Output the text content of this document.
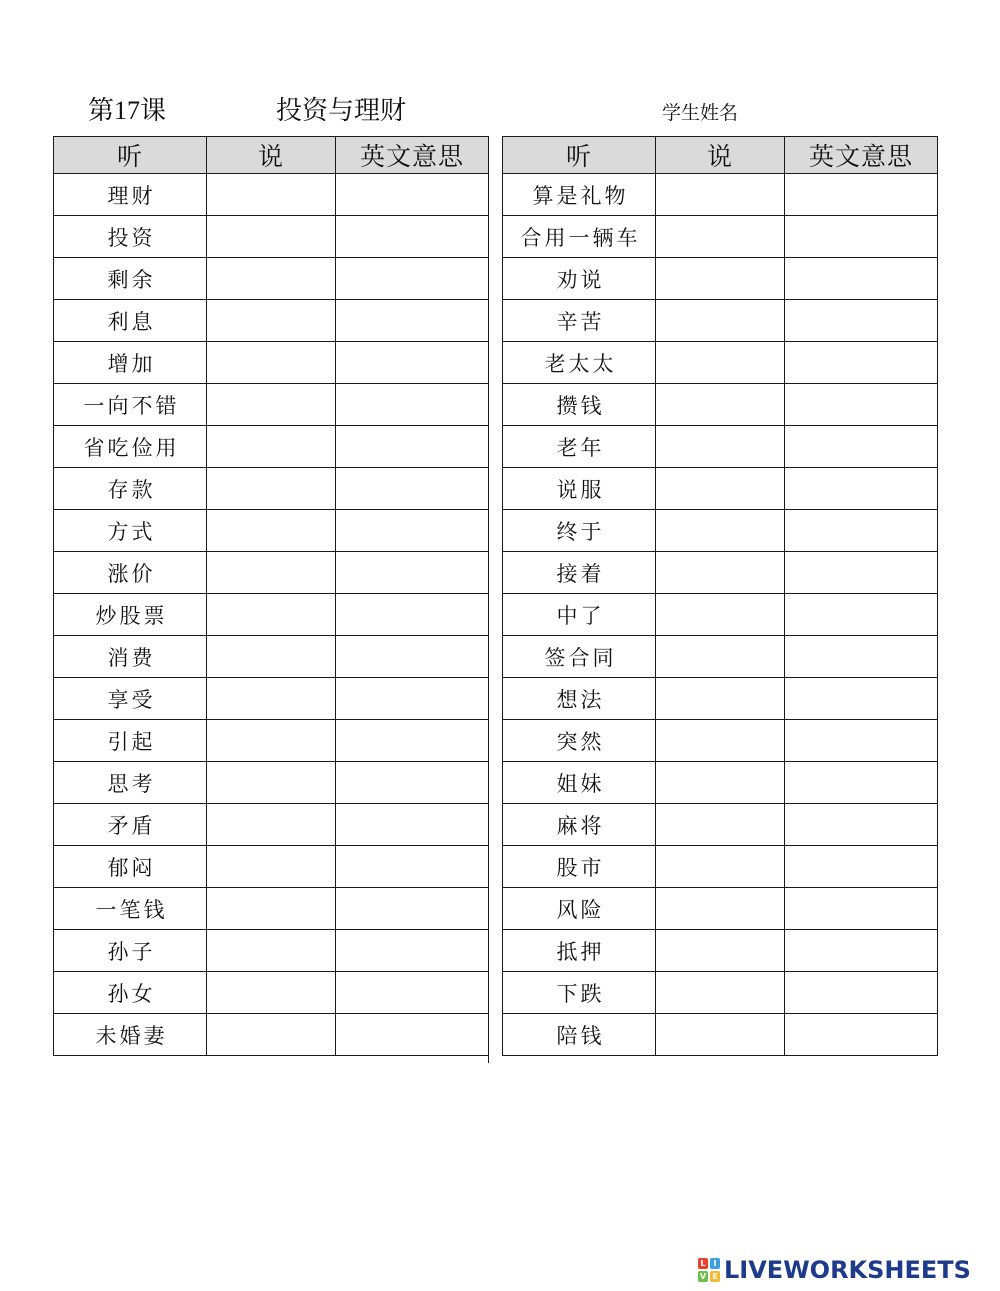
第17课	投资与理财	学生姓名
听	说	英文意思
理财		
投资		
剩余		
利息		
增加		
一向不错		
省吃俭用		
存款		
方式		
涨价		
炒股票		
消费		
享受		
引起		
思考		
矛盾		
郁闷		
一笔钱		
孙子		
孙女		
未婚妻		
听	说	英文意思
算是礼物		
合用一辆车		
劝说		
辛苦		
老太太		
攒钱		
老年		
说服		
终于		
接着		
中了		
签合同		
想法		
突然		
姐妹		
麻将		
股市		
风险		
抵押		
下跌		
陪钱		
L I
V E LIVEWORKSHEETS
